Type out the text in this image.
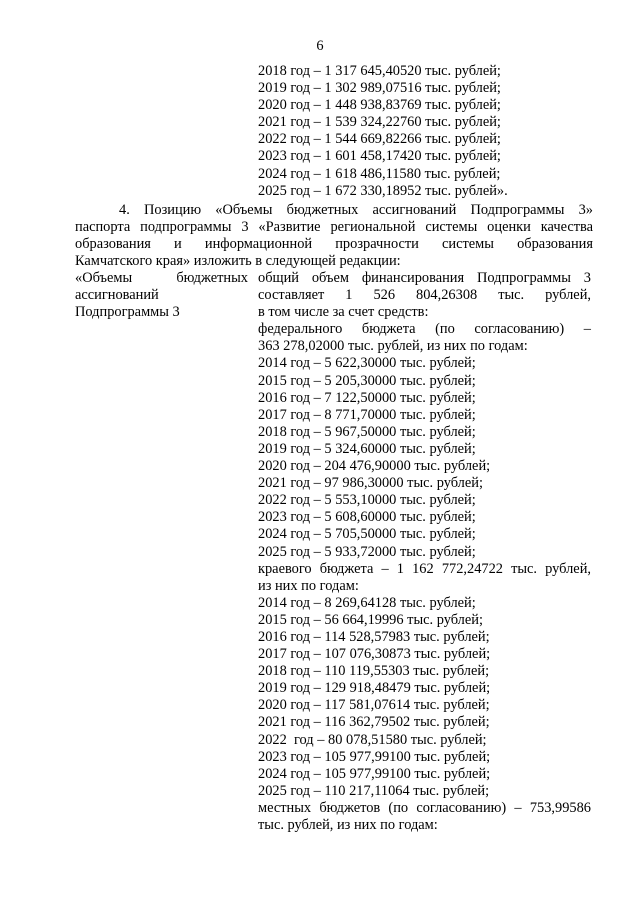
6
2018 год – 1 317 645,40520 тыс. рублей;
2019 год – 1 302 989,07516 тыс. рублей;
2020 год – 1 448 938,83769 тыс. рублей;
2021 год – 1 539 324,22760 тыс. рублей;
2022 год – 1 544 669,82266 тыс. рублей;
2023 год – 1 601 458,17420 тыс. рублей;
2024 год – 1 618 486,11580 тыс. рублей;
2025 год – 1 672 330,18952 тыс. рублей».
4. Позицию «Объемы бюджетных ассигнований Подпрограммы 3»
паспорта подпрограммы 3 «Развитие региональной системы оценки качества
образования и информационной прозрачности системы образования
Камчатского края» изложить в следующей редакции:
«Объемы бюджетных
ассигнований
Подпрограммы 3
общий объем финансирования Подпрограммы 3
составляет 1 526 804,26308 тыс. рублей,
в том числе за счет средств:
федерального бюджета (по согласованию) –
363 278,02000 тыс. рублей, из них по годам:
2014 год – 5 622,30000 тыс. рублей;
2015 год – 5 205,30000 тыс. рублей;
2016 год – 7 122,50000 тыс. рублей;
2017 год – 8 771,70000 тыс. рублей;
2018 год – 5 967,50000 тыс. рублей;
2019 год – 5 324,60000 тыс. рублей;
2020 год – 204 476,90000 тыс. рублей;
2021 год – 97 986,30000 тыс. рублей;
2022 год – 5 553,10000 тыс. рублей;
2023 год – 5 608,60000 тыс. рублей;
2024 год – 5 705,50000 тыс. рублей;
2025 год – 5 933,72000 тыс. рублей;
краевого бюджета – 1 162 772,24722 тыс. рублей,
из них по годам:
2014 год – 8 269,64128 тыс. рублей;
2015 год – 56 664,19996 тыс. рублей;
2016 год – 114 528,57983 тыс. рублей;
2017 год – 107 076,30873 тыс. рублей;
2018 год – 110 119,55303 тыс. рублей;
2019 год – 129 918,48479 тыс. рублей;
2020 год – 117 581,07614 тыс. рублей;
2021 год – 116 362,79502 тыс. рублей;
2022  год – 80 078,51580 тыс. рублей;
2023 год – 105 977,99100 тыс. рублей;
2024 год – 105 977,99100 тыс. рублей;
2025 год – 110 217,11064 тыс. рублей;
местных бюджетов (по согласованию) – 753,99586
тыс. рублей, из них по годам:
